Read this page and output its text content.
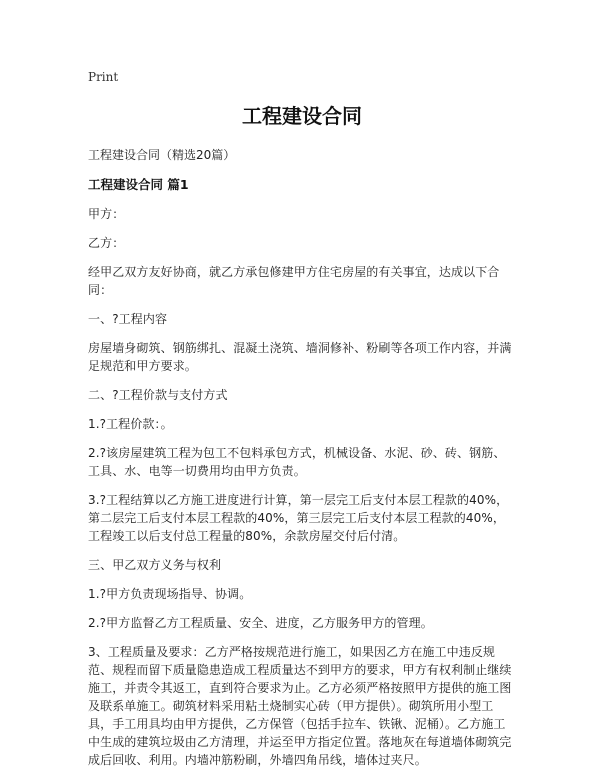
Print
工程建设合同

工程建设合同（精选20篇）

工程建设合同 篇1

甲方：

乙方：

经甲乙双方友好协商，就乙方承包修建甲方住宅房屋的有关事宜，达成以下合同：

一、?工程内容

房屋墙身砌筑、钢筋绑扎、混凝土浇筑、墙洞修补、粉刷等各项工作内容，并满足规范和甲方要求。

二、?工程价款与支付方式

1.?工程价款：。

2.?该房屋建筑工程为包工不包料承包方式，机械设备、水泥、砂、砖、钢筋、工具、水、电等一切费用均由甲方负责。

3.?工程结算以乙方施工进度进行计算，第一层完工后支付本层工程款的40%，第二层完工后支付本层工程款的40%，第三层完工后支付本层工程款的40%，工程竣工以后支付总工程量的80%，余款房屋交付后付清。

三、甲乙双方义务与权利

1.?甲方负责现场指导、协调。

2.?甲方监督乙方工程质量、安全、进度，乙方服务甲方的管理。

3、工程质量及要求：乙方严格按规范进行施工，如果因乙方在施工中违反规范、规程而留下质量隐患造成工程质量达不到甲方的要求，甲方有权利制止继续施工，并责令其返工，直到符合要求为止。乙方必须严格按照甲方提供的施工图及联系单施工。砌筑材料采用粘土烧制实心砖（甲方提供）。砌筑所用小型工具，手工用具均由甲方提供，乙方保管（包括手拉车、铁锹、泥桶）。乙方施工中生成的建筑垃圾由乙方清理，并运至甲方指定位置。落地灰在每道墙体砌筑完成后回收、利用。内墙冲筋粉刷，外墙四角吊线，墙体过夹尺。
